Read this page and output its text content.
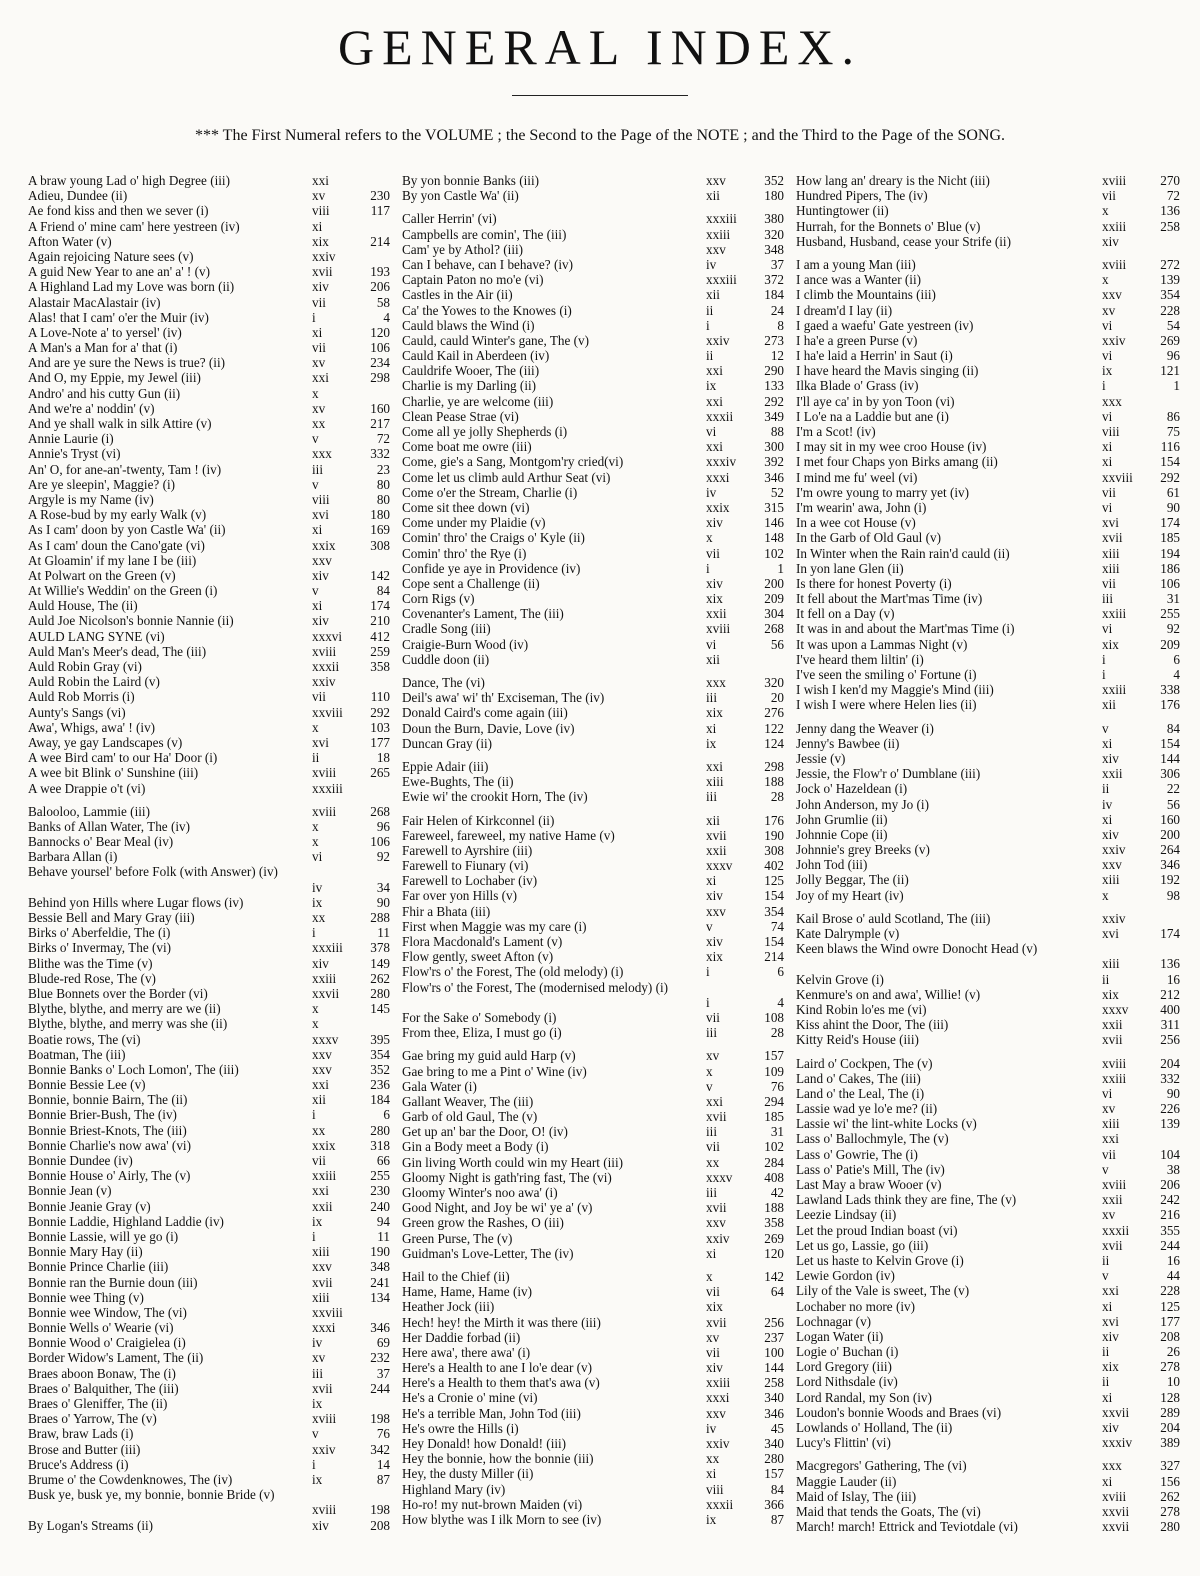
GENERAL INDEX.
*** The First Numeral refers to the VOLUME ; the Second to the Page of the NOTE ; and the Third to the Page of the SONG.
A braw young Lad o' high Degree (iii)	xxi
Adieu, Dundee (ii)	xv	230
Ae fond kiss and then we sever (i)	viii	117
A Friend o' mine cam' here yestreen (iv)	xi
Afton Water (v)	xix	214
Again rejoicing Nature sees (v)	xxiv
A guid New Year to ane an' a' ! (v)	xvii	193
A Highland Lad my Love was born (ii)	xiv	206
Alastair MacAlastair (iv)	vii	58
Alas! that I cam' o'er the Muir (iv)	i	4
A Love-Note a' to yersel' (iv)	xi	120
A Man's a Man for a' that (i)	vii	106
And are ye sure the News is true? (ii)	xv	234
And O, my Eppie, my Jewel (iii)	xxi	298
Andro' and his cutty Gun (ii)	x
And we're a' noddin' (v)	xv	160
And ye shall walk in silk Attire (v)	xx	217
Annie Laurie (i)	v	72
Annie's Tryst (vi)	xxx	332
An' O, for ane-an'-twenty, Tam ! (iv)	iii	23
Are ye sleepin', Maggie? (i)	v	80
Argyle is my Name (iv)	viii	80
A Rose-bud by my early Walk (v)	xvi	180
As I cam' doon by yon Castle Wa' (ii)	xi	169
As I cam' doun the Cano'gate (vi)	xxix	308
At Gloamin' if my lane I be (iii)	xxv
At Polwart on the Green (v)	xiv	142
At Willie's Weddin' on the Green (i)	v	84
Auld House, The (ii)	xi	174
Auld Joe Nicolson's bonnie Nannie (ii)	xiv	210
AULD LANG SYNE (vi)	xxxvi	412
Auld Man's Meer's dead, The (iii)	xviii	259
Auld Robin Gray (vi)	xxxii	358
Auld Robin the Laird (v)	xxiv
Auld Rob Morris (i)	vii	110
Aunty's Sangs (vi)	xxviii	292
Awa', Whigs, awa' ! (iv)	x	103
Away, ye gay Landscapes (v)	xvi	177
A wee Bird cam' to our Ha' Door (i)	ii	18
A wee bit Blink o' Sunshine (iii)	xviii	265
A wee Drappie o't (vi)	xxxiii
Balooloo, Lammie (iii)	xviii	268
Banks of Allan Water, The (iv)	x	96
Bannocks o' Bear Meal (iv)	x	106
Barbara Allan (i)	vi	92
Behave yoursel' before Folk (with Answer) (iv)
iv	34
Behind yon Hills where Lugar flows (iv)	ix	90
Bessie Bell and Mary Gray (iii)	xx	288
Birks o' Aberfeldie, The (i)	i	11
Birks o' Invermay, The (vi)	xxxiii	378
Blithe was the Time (v)	xiv	149
Blude-red Rose, The (v)	xxiii	262
Blue Bonnets over the Border (vi)	xxvii	280
Blythe, blythe, and merry are we (ii)	x	145
Blythe, blythe, and merry was she (ii)	x
Boatie rows, The (vi)	xxxv	395
Boatman, The (iii)	xxv	354
Bonnie Banks o' Loch Lomon', The (iii)	xxv	352
Bonnie Bessie Lee (v)	xxi	236
Bonnie, bonnie Bairn, The (ii)	xii	184
Bonnie Brier-Bush, The (iv)	i	6
Bonnie Briest-Knots, The (iii)	xx	280
Bonnie Charlie's now awa' (vi)	xxix	318
Bonnie Dundee (iv)	vii	66
Bonnie House o' Airly, The (v)	xxiii	255
Bonnie Jean (v)	xxi	230
Bonnie Jeanie Gray (v)	xxii	240
Bonnie Laddie, Highland Laddie (iv)	ix	94
Bonnie Lassie, will ye go (i)	i	11
Bonnie Mary Hay (ii)	xiii	190
Bonnie Prince Charlie (iii)	xxv	348
Bonnie ran the Burnie doun (iii)	xvii	241
Bonnie wee Thing (v)	xiii	134
Bonnie wee Window, The (vi)	xxviii
Bonnie Wells o' Wearie (vi)	xxxi	346
Bonnie Wood o' Craigielea (i)	iv	69
Border Widow's Lament, The (ii)	xv	232
Braes aboon Bonaw, The (i)	iii	37
Braes o' Balquither, The (iii)	xvii	244
Braes o' Gleniffer, The (ii)	ix
Braes o' Yarrow, The (v)	xviii	198
Braw, braw Lads (i)	v	76
Brose and Butter (iii)	xxiv	342
Bruce's Address (i)	i	14
Brume o' the Cowdenknowes, The (iv)	ix	87
Busk ye, busk ye, my bonnie, bonnie Bride (v)
xviii	198
By Logan's Streams (ii)	xiv	208
By yon bonnie Banks (iii)	xxv	352
By yon Castle Wa' (ii)	xii	180
Caller Herrin' (vi)	xxxiii	380
Campbells are comin', The (iii)	xxiii	320
Cam' ye by Athol? (iii)	xxv	348
Can I behave, can I behave? (iv)	iv	37
Captain Paton no mo'e (vi)	xxxiii	372
Castles in the Air (ii)	xii	184
Ca' the Yowes to the Knowes (i)	ii	24
Cauld blaws the Wind (i)	i	8
Cauld, cauld Winter's gane, The (v)	xxiv	273
Cauld Kail in Aberdeen (iv)	ii	12
Cauldrife Wooer, The (iii)	xxi	290
Charlie is my Darling (ii)	ix	133
Charlie, ye are welcome (iii)	xxi	292
Clean Pease Strae (vi)	xxxii	349
Come all ye jolly Shepherds (i)	vi	88
Come boat me owre (iii)	xxi	300
Come, gie's a Sang, Montgom'ry cried(vi)	xxxiv	392
Come let us climb auld Arthur Seat (vi)	xxxi	346
Come o'er the Stream, Charlie (i)	iv	52
Come sit thee down (vi)	xxix	315
Come under my Plaidie (v)	xiv	146
Comin' thro' the Craigs o' Kyle (ii)	x	148
Comin' thro' the Rye (i)	vii	102
Confide ye aye in Providence (iv)	i	1
Cope sent a Challenge (ii)	xiv	200
Corn Rigs (v)	xix	209
Covenanter's Lament, The (iii)	xxii	304
Cradle Song (iii)	xviii	268
Craigie-Burn Wood (iv)	vi	56
Cuddle doon (ii)	xii
Dance, The (vi)	xxx	320
Deil's awa' wi' th' Exciseman, The (iv)	iii	20
Donald Caird's come again (iii)	xix	276
Doun the Burn, Davie, Love (iv)	xi	122
Duncan Gray (ii)	ix	124
Eppie Adair (iii)	xxi	298
Ewe-Bughts, The (ii)	xiii	188
Ewie wi' the crookit Horn, The (iv)	iii	28
Fair Helen of Kirkconnel (ii)	xii	176
Fareweel, fareweel, my native Hame (v)	xvii	190
Farewell to Ayrshire (iii)	xxii	308
Farewell to Fiunary (vi)	xxxv	402
Farewell to Lochaber (iv)	xi	125
Far over yon Hills (v)	xiv	154
Fhir a Bhata (iii)	xxv	354
First when Maggie was my care (i)	v	74
Flora Macdonald's Lament (v)	xiv	154
Flow gently, sweet Afton (v)	xix	214
Flow'rs o' the Forest, The (old melody) (i)	i	6
Flow'rs o' the Forest, The (modernised melody) (i)
i	4
For the Sake o' Somebody (i)	vii	108
From thee, Eliza, I must go (i)	iii	28
Gae bring my guid auld Harp (v)	xv	157
Gae bring to me a Pint o' Wine (iv)	x	109
Gala Water (i)	v	76
Gallant Weaver, The (iii)	xxi	294
Garb of old Gaul, The (v)	xvii	185
Get up an' bar the Door, O! (iv)	iii	31
Gin a Body meet a Body (i)	vii	102
Gin living Worth could win my Heart (iii)	xx	284
Gloomy Night is gath'ring fast, The (vi)	xxxv	408
Gloomy Winter's noo awa' (i)	iii	42
Good Night, and Joy be wi' ye a' (v)	xvii	188
Green grow the Rashes, O (iii)	xxv	358
Green Purse, The (v)	xxiv	269
Guidman's Love-Letter, The (iv)	xi	120
Hail to the Chief (ii)	x	142
Hame, Hame, Hame (iv)	vii	64
Heather Jock (iii)	xix
Hech! hey! the Mirth it was there (iii)	xvii	256
Her Daddie forbad (ii)	xv	237
Here awa', there awa' (i)	vii	100
Here's a Health to ane I lo'e dear (v)	xiv	144
Here's a Health to them that's awa (v)	xxiii	258
He's a Cronie o' mine (vi)	xxxi	340
He's a terrible Man, John Tod (iii)	xxv	346
He's owre the Hills (i)	iv	45
Hey Donald! how Donald! (iii)	xxiv	340
Hey the bonnie, how the bonnie (iii)	xx	280
Hey, the dusty Miller (ii)	xi	157
Highland Mary (iv)	viii	84
Ho-ro! my nut-brown Maiden (vi)	xxxii	366
How blythe was I ilk Morn to see (iv)	ix	87
How lang an' dreary is the Nicht (iii)	xviii	270
Hundred Pipers, The (iv)	vii	72
Huntingtower (ii)	x	136
Hurrah, for the Bonnets o' Blue (v)	xxiii	258
Husband, Husband, cease your Strife (ii)	xiv
I am a young Man (iii)	xviii	272
I ance was a Wanter (ii)	x	139
I climb the Mountains (iii)	xxv	354
I dream'd I lay (ii)	xv	228
I gaed a waefu' Gate yestreen (iv)	vi	54
I ha'e a green Purse (v)	xxiv	269
I ha'e laid a Herrin' in Saut (i)	vi	96
I have heard the Mavis singing (ii)	ix	121
Ilka Blade o' Grass (iv)	i	1
I'll aye ca' in by yon Toon (vi)	xxx
I Lo'e na a Laddie but ane (i)	vi	86
I'm a Scot! (iv)	viii	75
I may sit in my wee croo House (iv)	xi	116
I met four Chaps yon Birks amang (ii)	xi	154
I mind me fu' weel (vi)	xxviii	292
I'm owre young to marry yet (iv)	vii	61
I'm wearin' awa, John (i)	vi	90
In a wee cot House (v)	xvi	174
In the Garb of Old Gaul (v)	xvii	185
In Winter when the Rain rain'd cauld (ii)	xiii	194
In yon lane Glen (ii)	xiii	186
Is there for honest Poverty (i)	vii	106
It fell about the Mart'mas Time (iv)	iii	31
It fell on a Day (v)	xxiii	255
It was in and about the Mart'mas Time (i)	vi	92
It was upon a Lammas Night (v)	xix	209
I've heard them liltin' (i)	i	6
I've seen the smiling o' Fortune (i)	i	4
I wish I ken'd my Maggie's Mind (iii)	xxiii	338
I wish I were where Helen lies (ii)	xii	176
Jenny dang the Weaver (i)	v	84
Jenny's Bawbee (ii)	xi	154
Jessie (v)	xiv	144
Jessie, the Flow'r o' Dumblane (iii)	xxii	306
Jock o' Hazeldean (i)	ii	22
John Anderson, my Jo (i)	iv	56
John Grumlie (ii)	xi	160
Johnnie Cope (ii)	xiv	200
Johnnie's grey Breeks (v)	xxiv	264
John Tod (iii)	xxv	346
Jolly Beggar, The (ii)	xiii	192
Joy of my Heart (iv)	x	98
Kail Brose o' auld Scotland, The (iii)	xxiv
Kate Dalrymple (v)	xvi	174
Keen blaws the Wind owre Donocht Head (v)
xiii	136
Kelvin Grove (i)	ii	16
Kenmure's on and awa', Willie! (v)	xix	212
Kind Robin lo'es me (vi)	xxxv	400
Kiss ahint the Door, The (iii)	xxii	311
Kitty Reid's House (iii)	xvii	256
Laird o' Cockpen, The (v)	xviii	204
Land o' Cakes, The (iii)	xxiii	332
Land o' the Leal, The (i)	vi	90
Lassie wad ye lo'e me? (ii)	xv	226
Lassie wi' the lint-white Locks (v)	xiii	139
Lass o' Ballochmyle, The (v)	xxi
Lass o' Gowrie, The (i)	vii	104
Lass o' Patie's Mill, The (iv)	v	38
Last May a braw Wooer (v)	xviii	206
Lawland Lads think they are fine, The (v)	xxii	242
Leezie Lindsay (ii)	xv	216
Let the proud Indian boast (vi)	xxxii	355
Let us go, Lassie, go (iii)	xvii	244
Let us haste to Kelvin Grove (i)	ii	16
Lewie Gordon (iv)	v	44
Lily of the Vale is sweet, The (v)	xxi	228
Lochaber no more (iv)	xi	125
Lochnagar (v)	xvi	177
Logan Water (ii)	xiv	208
Logie o' Buchan (i)	ii	26
Lord Gregory (iii)	xix	278
Lord Nithsdale (iv)	ii	10
Lord Randal, my Son (iv)	xi	128
Loudon's bonnie Woods and Braes (vi)	xxvii	289
Lowlands o' Holland, The (ii)	xiv	204
Lucy's Flittin' (vi)	xxxiv	389
Macgregors' Gathering, The (vi)	xxx	327
Maggie Lauder (ii)	xi	156
Maid of Islay, The (iii)	xviii	262
Maid that tends the Goats, The (vi)	xxvii	278
March! march! Ettrick and Teviotdale (vi)	xxvii	280
